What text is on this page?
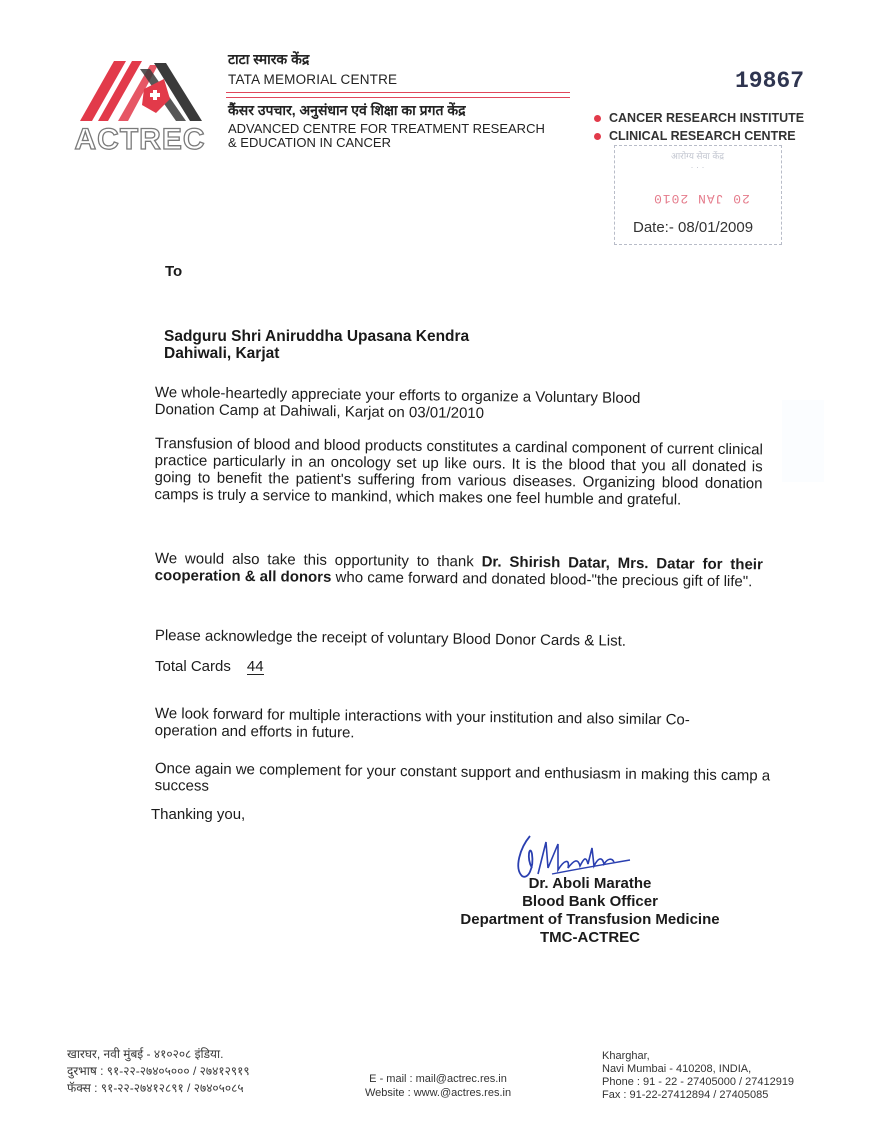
ACTREC
टाटा स्मारक केंद्र
TATA MEMORIAL CENTRE
कैंसर उपचार, अनुसंधान एवं शिक्षा का प्रगत केंद्र
ADVANCED CENTRE FOR TREATMENT RESEARCH
& EDUCATION IN CANCER
19867
CANCER RESEARCH INSTITUTE
CLINICAL RESEARCH CENTRE
आरोग्य सेवा केंद्र
· · ·
20 JAN 2010
Date:- 08/01/2009
To
Sadguru Shri Aniruddha Upasana Kendra
Dahiwali, Karjat
We whole-heartedly appreciate your efforts to organize a Voluntary Blood Donation Camp at Dahiwali, Karjat on 03/01/2010
Transfusion of blood and blood products constitutes a cardinal component of current clinical practice particularly in an oncology set up like ours. It is the blood that you all donated is going to benefit the patient's suffering from various diseases. Organizing blood donation camps is truly a service to mankind, which makes one feel humble and grateful.
We would also take this opportunity to thank Dr. Shirish Datar, Mrs. Datar for their cooperation & all donors who came forward and donated blood-"the precious gift of life".
Please acknowledge the receipt of voluntary Blood Donor Cards & List.
Total Cards 44
We look forward for multiple interactions with your institution and also similar Co-operation and efforts in future.
Once again we complement for your constant support and enthusiasm in making this camp a success
Thanking you,
Dr. Aboli Marathe
Blood Bank Officer
Department of Transfusion Medicine
TMC-ACTREC
खारघर, नवी मुंबई - ४१०२०८ इंडिया.
दुरभाष : ९१-२२-२७४०५००० / २७४१२९१९
फॅक्स : ९१-२२-२७४१२८९१ / २७४०५०८५
E - mail : mail@actrec.res.in
Website : www.@actres.res.in
Kharghar,
Navi Mumbai - 410208, INDIA,
Phone : 91 - 22 - 27405000 / 27412919
Fax : 91-22-27412894 / 27405085
